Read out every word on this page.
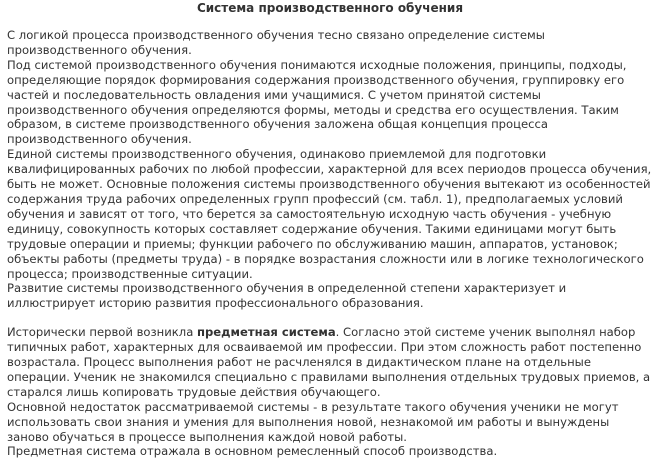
Система производственного обучения

С логикой процесса производственного обучения тесно связано определение системы производственного обучения.

Под системой производственного обучения понимаются исходные положения, принципы, подходы, определяющие порядок формирования содержания производственного обучения, группировку его частей и последовательность овладения ими учащимися. С учетом принятой системы производственного обучения определяются формы, методы и средства его осуществления. Таким образом, в системе производственного обучения заложена общая концепция процесса производственного обучения.

Единой системы производственного обучения, одинаково приемлемой для подготовки квалифицированных рабочих по любой профессии, характерной для всех периодов процесса обучения, быть не может. Основные положения системы производственного обучения вытекают из особенностей содержания труда рабочих определенных групп профессий (см. табл. 1), предполагаемых условий обучения и зависят от того, что берется за самостоятельную исходную часть обучения - учебную единицу, совокупность которых составляет содержание обучения. Такими единицами могут быть трудовые операции и приемы; функции рабочего по обслуживанию машин, аппаратов, установок; объекты работы (предметы труда) - в порядке возрастания сложности или в логике технологического процесса; производственные ситуации.

Развитие системы производственного обучения в определенной степени характеризует и иллюстрирует историю развития профессионального образования.

Исторически первой возникла предметная система. Согласно этой системе ученик выполнял набор типичных работ, характерных для осваиваемой им профессии. При этом сложность работ постепенно возрастала. Процесс выполнения работ не расчленялся в дидактическом плане на отдельные операции. Ученик не знакомился специально с правилами выполнения отдельных трудовых приемов, а старался лишь копировать трудовые действия обучающего.

Основной недостаток рассматриваемой системы - в результате такого обучения ученики не могут использовать свои знания и умения для выполнения новой, незнакомой им работы и вынуждены заново обучаться в процессе выполнения каждой новой работы.

Предметная система отражала в основном ремесленный способ производства.
